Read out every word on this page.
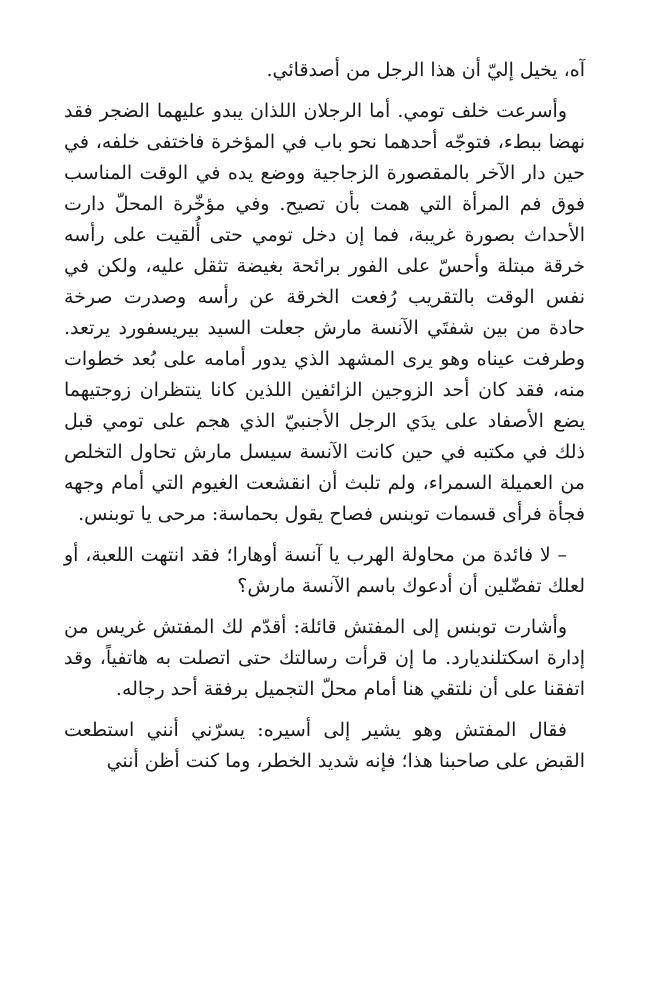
آه، يخيل إليّ أن هذا الرجل من أصدقائي.

وأسرعت خلف تومي. أما الرجلان اللذان يبدو عليهما الضجر فقد نهضا ببطء، فتوجّه أحدهما نحو باب في المؤخرة فاختفى خلفه، في حين دار الآخر بالمقصورة الزجاجية ووضع يده في الوقت المناسب فوق فم المرأة التي همت بأن تصيح. وفي مؤخّرة المحلّ دارت الأحداث بصورة غريبة، فما إن دخل تومي حتى أُلقيت على رأسه خرقة مبتلة وأحسّ على الفور برائحة بغيضة تثقل عليه، ولكن في نفس الوقت بالتقريب رُفعت الخرقة عن رأسه وصدرت صرخة حادة من بين شفتَي الآنسة مارش جعلت السيد بيريسفورد يرتعد. وطرفت عيناه وهو يرى المشهد الذي يدور أمامه على بُعد خطوات منه، فقد كان أحد الزوجين الزائفين اللذين كانا ينتظران زوجتيهما يضع الأصفاد على يدَي الرجل الأجنبيّ الذي هجم على تومي قبل ذلك في مكتبه في حين كانت الآنسة سيسل مارش تحاول التخلص من العميلة السمراء، ولم تلبث أن انقشعت الغيوم التي أمام وجهه فجأة فرأى قسمات توبنس فصاح يقول بحماسة: مرحى يا توبنس.

– لا فائدة من محاولة الهرب يا آنسة أوهارا؛ فقد انتهت اللعبة، أو لعلك تفضّلين أن أدعوك باسم الآنسة مارش؟

وأشارت توبنس إلى المفتش قائلة: أقدّم لك المفتش غريس من إدارة اسكتلنديارد. ما إن قرأت رسالتك حتى اتصلت به هاتفياً، وقد اتفقنا على أن نلتقي هنا أمام محلّ التجميل برفقة أحد رجاله.

فقال المفتش وهو يشير إلى أسيره: يسرّني أنني استطعت القبض على صاحبنا هذا؛ فإنه شديد الخطر، وما كنت أظن أنني
